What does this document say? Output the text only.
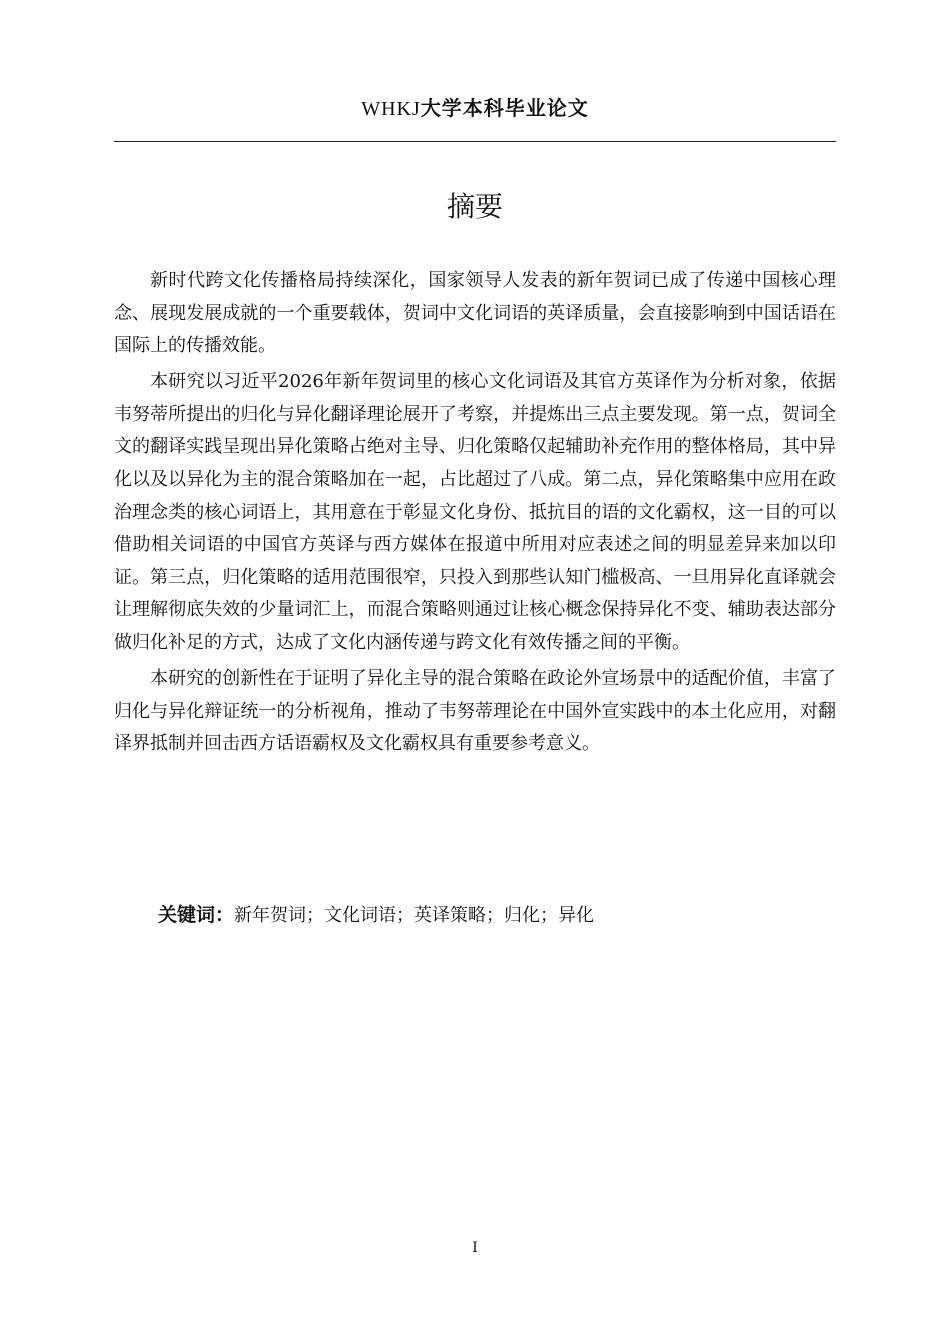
WHKJ大学本科毕业论文
摘要

新时代跨文化传播格局持续深化，国家领导人发表的新年贺词已成了传递中国核心理念、展现发展成就的一个重要载体，贺词中文化词语的英译质量，会直接影响到中国话语在国际上的传播效能。

本研究以习近平2026年新年贺词里的核心文化词语及其官方英译作为分析对象，依据韦努蒂所提出的归化与异化翻译理论展开了考察，并提炼出三点主要发现。第一点，贺词全文的翻译实践呈现出异化策略占绝对主导、归化策略仅起辅助补充作用的整体格局，其中异化以及以异化为主的混合策略加在一起，占比超过了八成。第二点，异化策略集中应用在政治理念类的核心词语上，其用意在于彰显文化身份、抵抗目的语的文化霸权，这一目的可以借助相关词语的中国官方英译与西方媒体在报道中所用对应表述之间的明显差异来加以印证。第三点，归化策略的适用范围很窄，只投入到那些认知门槛极高、一旦用异化直译就会让理解彻底失效的少量词汇上，而混合策略则通过让核心概念保持异化不变、辅助表达部分做归化补足的方式，达成了文化内涵传递与跨文化有效传播之间的平衡。

本研究的创新性在于证明了异化主导的混合策略在政论外宣场景中的适配价值，丰富了归化与异化辩证统一的分析视角，推动了韦努蒂理论在中国外宣实践中的本土化应用，对翻译界抵制并回击西方话语霸权及文化霸权具有重要参考意义。

关键词：新年贺词；文化词语；英译策略；归化；异化
I
